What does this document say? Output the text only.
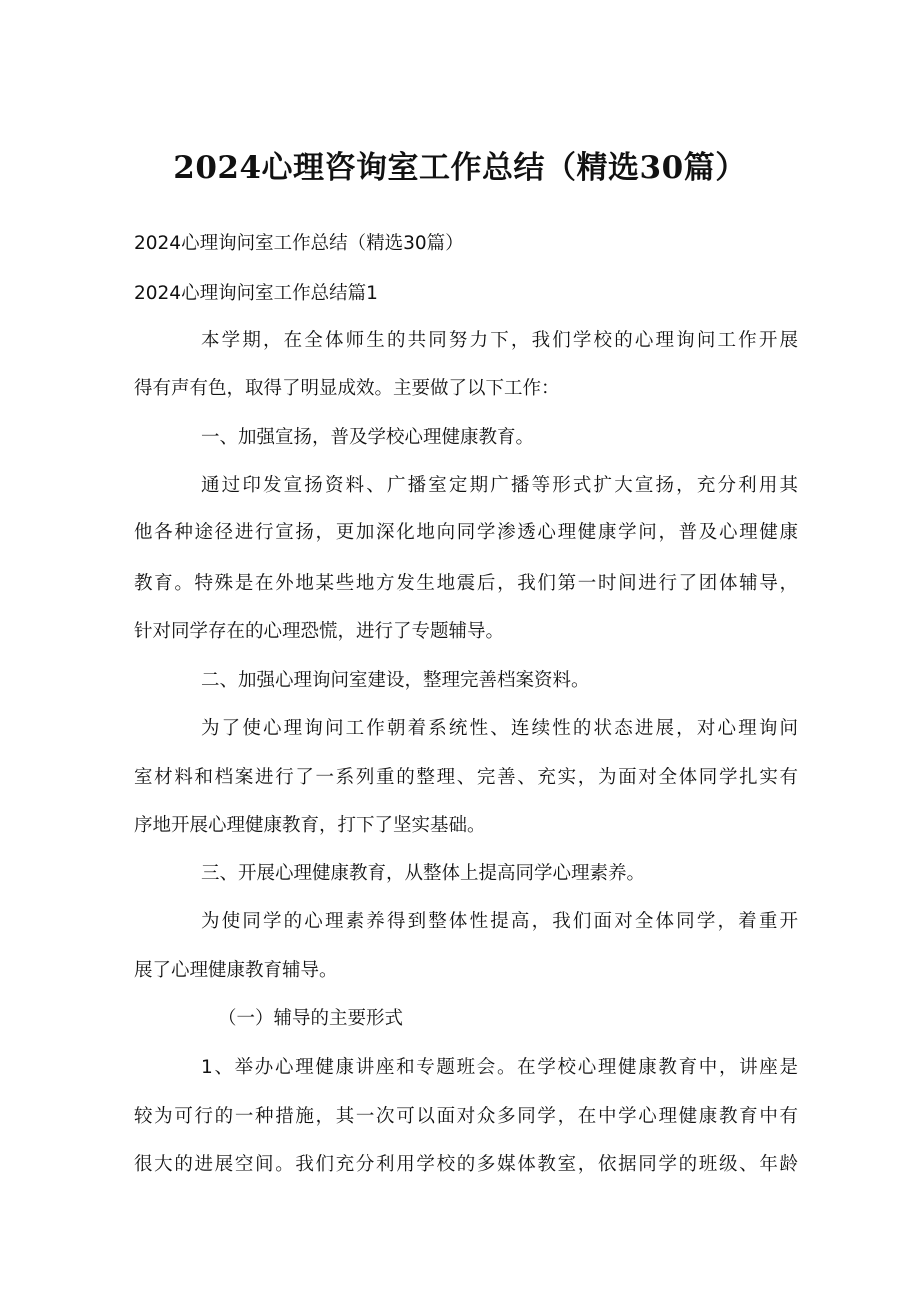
2024心理咨询室工作总结（精选30篇）

2024心理询问室工作总结（精选30篇）

2024心理询问室工作总结篇1

本学期，在全体师生的共同努力下，我们学校的心理询问工作开展

得有声有色，取得了明显成效。主要做了以下工作：

一、加强宣扬，普及学校心理健康教育。

通过印发宣扬资料、广播室定期广播等形式扩大宣扬，充分利用其

他各种途径进行宣扬，更加深化地向同学渗透心理健康学问，普及心理健康

教育。特殊是在外地某些地方发生地震后，我们第一时间进行了团体辅导，

针对同学存在的心理恐慌，进行了专题辅导。

二、加强心理询问室建设，整理完善档案资料。

为了使心理询问工作朝着系统性、连续性的状态进展，对心理询问

室材料和档案进行了一系列重的整理、完善、充实，为面对全体同学扎实有

序地开展心理健康教育，打下了坚实基础。

三、开展心理健康教育，从整体上提高同学心理素养。

为使同学的心理素养得到整体性提高，我们面对全体同学，着重开

展了心理健康教育辅导。

（一）辅导的主要形式

1、举办心理健康讲座和专题班会。在学校心理健康教育中，讲座是

较为可行的一种措施，其一次可以面对众多同学，在中学心理健康教育中有

很大的进展空间。我们充分利用学校的多媒体教室，依据同学的班级、年龄
